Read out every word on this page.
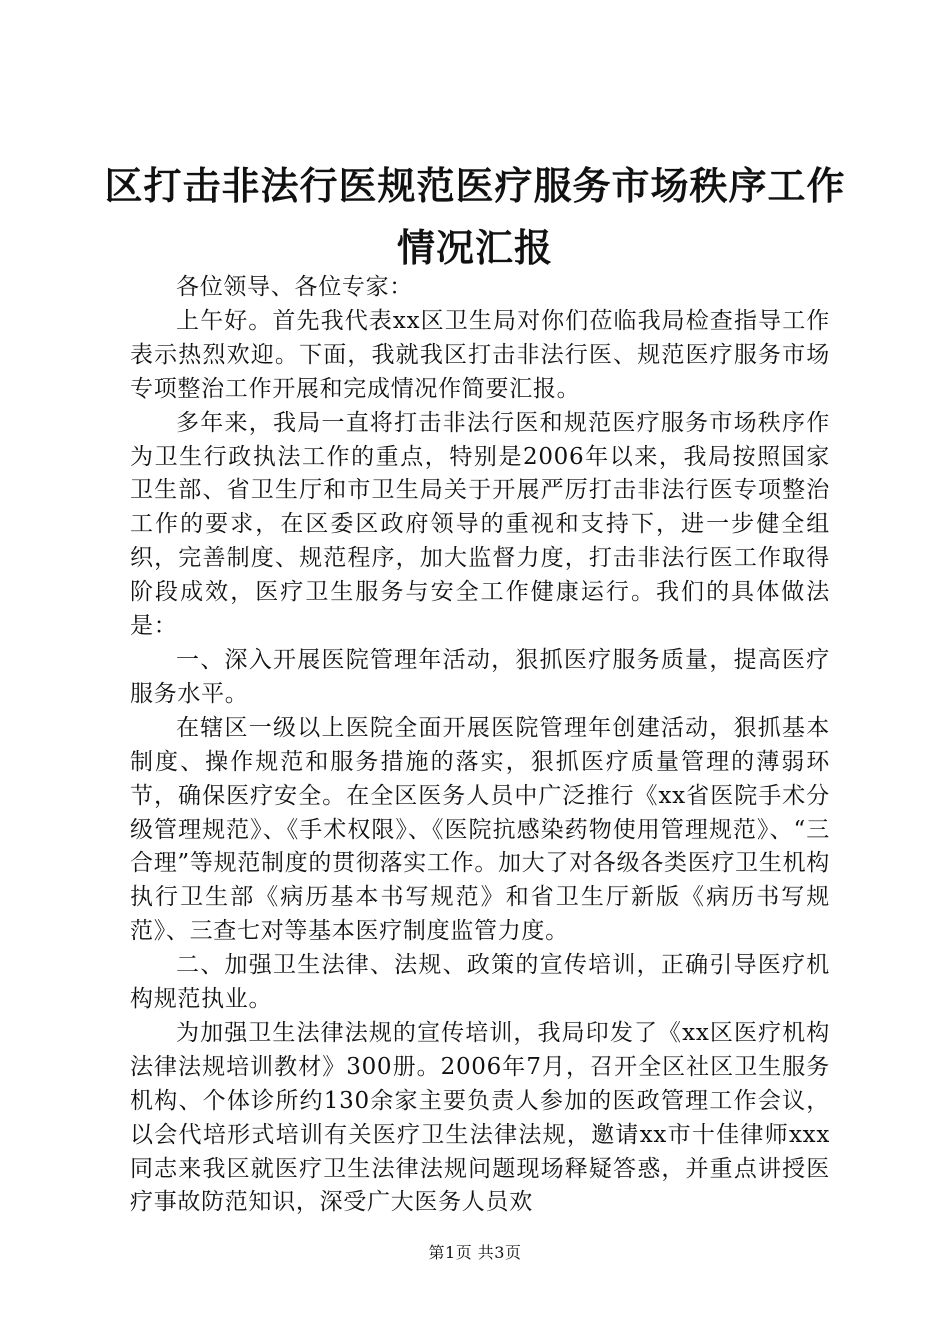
区打击非法行医规范医疗服务市场秩序工作情况汇报

各位领导、各位专家：

上午好。首先我代表xx区卫生局对你们莅临我局检查指导工作表示热烈欢迎。下面，我就我区打击非法行医、规范医疗服务市场专项整治工作开展和完成情况作简要汇报。

多年来，我局一直将打击非法行医和规范医疗服务市场秩序作为卫生行政执法工作的重点，特别是2006年以来，我局按照国家卫生部、省卫生厅和市卫生局关于开展严厉打击非法行医专项整治工作的要求，在区委区政府领导的重视和支持下，进一步健全组织，完善制度、规范程序，加大监督力度，打击非法行医工作取得阶段成效，医疗卫生服务与安全工作健康运行。我们的具体做法是：

一、深入开展医院管理年活动，狠抓医疗服务质量，提高医疗服务水平。

在辖区一级以上医院全面开展医院管理年创建活动，狠抓基本制度、操作规范和服务措施的落实，狠抓医疗质量管理的薄弱环节，确保医疗安全。在全区医务人员中广泛推行《xx省医院手术分级管理规范》、《手术权限》、《医院抗感染药物使用管理规范》、“三合理”等规范制度的贯彻落实工作。加大了对各级各类医疗卫生机构执行卫生部《病历基本书写规范》和省卫生厅新版《病历书写规范》、三查七对等基本医疗制度监管力度。

二、加强卫生法律、法规、政策的宣传培训，正确引导医疗机构规范执业。

为加强卫生法律法规的宣传培训，我局印发了《xx区医疗机构法律法规培训教材》300册。2006年7月，召开全区社区卫生服务机构、个体诊所约130余家主要负责人参加的医政管理工作会议，以会代培形式培训有关医疗卫生法律法规，邀请xx市十佳律师xxx同志来我区就医疗卫生法律法规问题现场释疑答惑，并重点讲授医疗事故防范知识，深受广大医务人员欢

第1页 共3页
